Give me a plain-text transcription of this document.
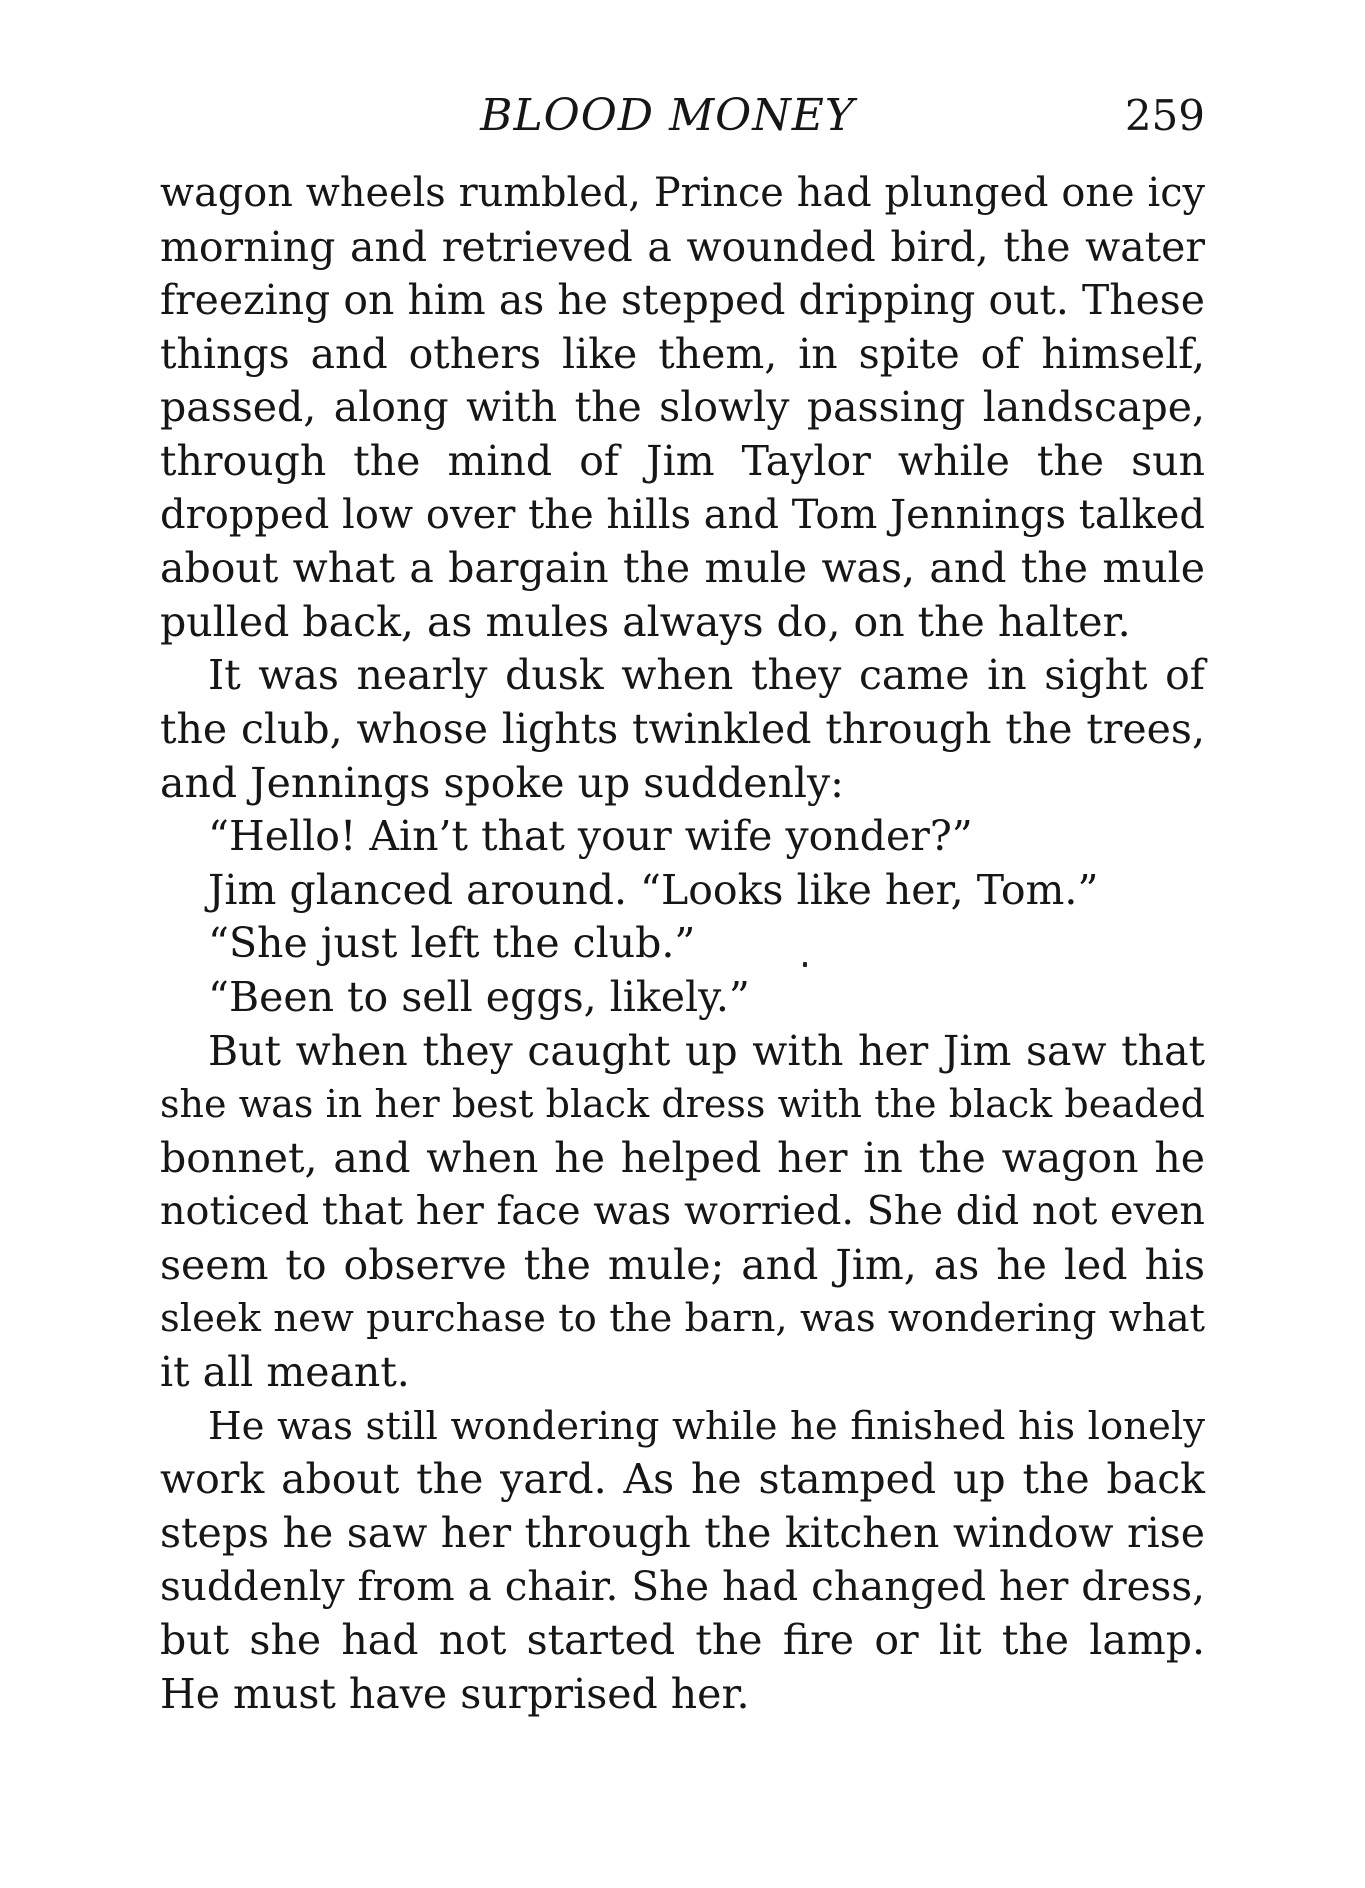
BLOOD MONEY	259
wagon wheels rumbled, Prince had plunged one icy
morning and retrieved a wounded bird, the water
freezing on him as he stepped dripping out. These
things and others like them, in spite of himself,
passed, along with the slowly passing landscape,
through the mind of Jim Taylor while the sun
dropped low over the hills and Tom Jennings talked
about what a bargain the mule was, and the mule
pulled back, as mules always do, on the halter.
It was nearly dusk when they came in sight of
the club, whose lights twinkled through the trees,
and Jennings spoke up suddenly:
“Hello! Ain’t that your wife yonder?”
Jim glanced around. “Looks like her, Tom.”
“She just left the club.”
“Been to sell eggs, likely.”
But when they caught up with her Jim saw that
she was in her best black dress with the black beaded
bonnet, and when he helped her in the wagon he
noticed that her face was worried. She did not even
seem to observe the mule; and Jim, as he led his
sleek new purchase to the barn, was wondering what
it all meant.
He was still wondering while he finished his lonely
work about the yard. As he stamped up the back
steps he saw her through the kitchen window rise
suddenly from a chair. She had changed her dress,
but she had not started the fire or lit the lamp.
He must have surprised her.
